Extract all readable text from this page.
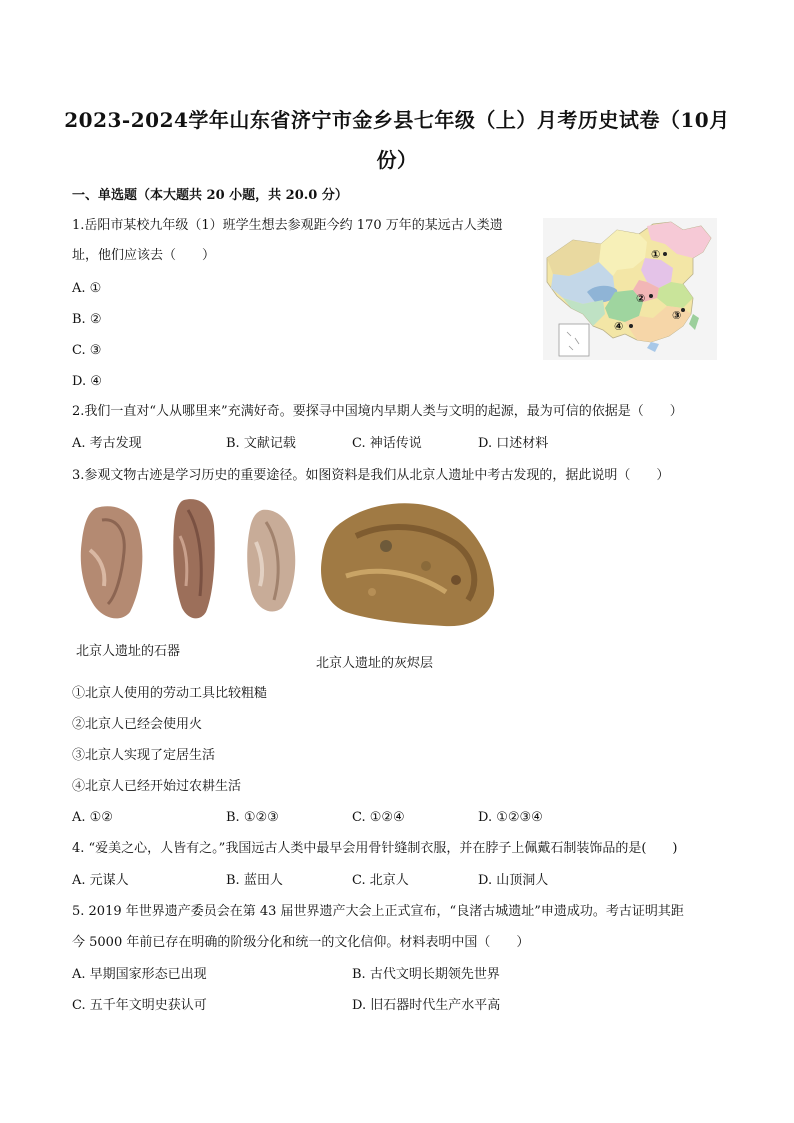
2023-2024学年山东省济宁市金乡县七年级（上）月考历史试卷（10月
份）
一、单选题（本大题共 20 小题，共 20.0 分）
1.岳阳市某校九年级（1）班学生想去参观距今约 170 万年的某远古人类遗
址，他们应该去（　　）
A. ①
B. ②
C. ③
D. ④
①
②
③
④
2.我们一直对“人从哪里来”充满好奇。要探寻中国境内早期人类与文明的起源，最为可信的依据是（　　）
A. 考古发现	B. 文献记载	C. 神话传说	D. 口述材料
3.参观文物古迹是学习历史的重要途径。如图资料是我们从北京人遗址中考古发现的，据此说明（　　）
北京人遗址的石器
北京人遗址的灰烬层
①北京人使用的劳动工具比较粗糙
②北京人已经会使用火
③北京人实现了定居生活
④北京人已经开始过农耕生活
A. ①②	B. ①②③	C. ①②④	D. ①②③④
4. “爱美之心，人皆有之。”我国远古人类中最早会用骨针缝制衣服，并在脖子上佩戴石制装饰品的是(　　)
A. 元谋人	B. 蓝田人	C. 北京人	D. 山顶洞人
5. 2019 年世界遗产委员会在第 43 届世界遗产大会上正式宣布，“良渚古城遗址”申遗成功。考古证明其距
今 5000 年前已存在明确的阶级分化和统一的文化信仰。材料表明中国（　　）
A. 早期国家形态已出现	B. 古代文明长期领先世界
C. 五千年文明史获认可	D. 旧石器时代生产水平高
